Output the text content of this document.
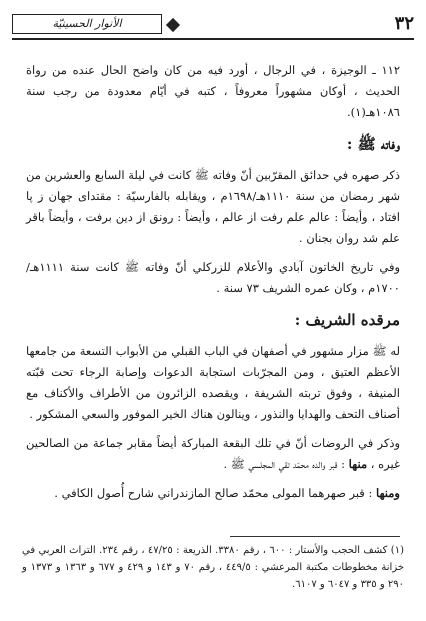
٣٢
الأنوار الحسينيّة

١١٢ ـ الوجيزة ، في الرجال ، أورد فيه من كان واضح الحال عنده من رواة الحديث ، أوكان مشهوراً معروفاً ، كتبه في أيّام معدودة من رجب سنة ١٠٨٦هـ(١).

وفاته ﷺ :

ذكر صهره في حدائق المقرّبين أنّ وفاته ﷺ كانت في ليلة السابع والعشرين من شهر رمضان من سنة ١١١٠هـ/١٦٩٨م ، ويقابله بالفارسيّة : مقتداى جهان ز پا افتاد ، وأيضاً : عالم علم رفت از عالم ، وأيضاً : رونق از دين برفت ، وأيضاً باقر علم شد روان بجنان .

وفي تاريخ الخاتون آبادي والأعلام للزركلي أنّ وفاته ﷺ كانت سنة ١١١١هـ/١٧٠٠م ، وكان عمره الشريف ٧٣ سنة .

مرقده الشريف :

له ﷺ مزار مشهور في أصفهان في الباب القبلي من الأبواب التسعة من جامعها الأعظم العتيق ، ومن المجرّبات استجابة الدعوات وإصابة الرجاء تحت قبّته المنيفة ، وفوق تربته الشريفة ، ويقصده الزائرون من الأطراف والأكناف مع أصناف التحف والهدايا والنذور ، وينالون هناك الخير الموفور والسعي المشكور .

وذكر في الروضات أنّ في تلك البقعة المباركة أيضاً مقابر جماعة من الصالحين غيره ، منها : قبر والده محمّد تقي المجلسي ﷺ .

ومنها : قبر صهرهما المولى محمّد صالح المازندراني شارح أُصول الكافي .

(١) كشف الحجب والأستار : ٦٠٠ ، رقم ٣٣٨٠. الذريعة : ٤٧/٢٥ ، رقم ٢٣٤. التراث العربي في خزانة مخطوطات مكتبة المرعشي : ٤٤٩/٥ ، رقم ٧٠ و ١٤٣ و ٤٢٩ و ٦٧٧ و ١٣٦٣ و ١٣٧٣ و ٢٩٠ و ٣٣٥ و ٦٠٤٧ و ٦١٠٧.
